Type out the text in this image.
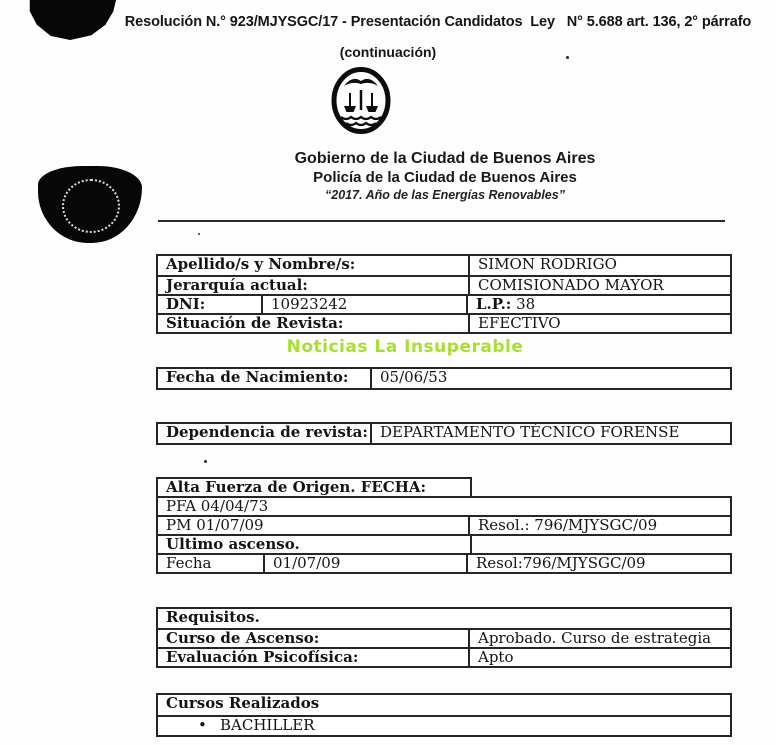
Resolución N.° 923/MJYSGC/17 - Presentación Candidatos  Ley   N° 5.688 art. 136, 2° párrafo
(continuación)
Gobierno de la Ciudad de Buenos Aires
Policía de la Ciudad de Buenos Aires
“2017. Año de las Energías Renovables”
Apellido/s y Nombre/s:	SIMON RODRIGO
Jerarquía actual:	COMISIONADO MAYOR
DNI:	10923242	L.P.: 38
Situación de Revista:	EFECTIVO
Noticias La Insuperable
Fecha de Nacimiento:	05/06/53
Dependencia de revista: DEPARTAMENTO TÉCNICO FORENSE
Alta Fuerza de Origen. FECHA:
PFA 04/04/73
PM 01/07/09	Resol.: 796/MJYSGC/09
Ultimo ascenso.
Fecha	01/07/09	Resol:796/MJYSGC/09
Requisitos.
Curso de Ascenso:	Aprobado. Curso de estrategia
Evaluación Psicofísica:	Apto
Cursos Realizados
• BACHILLER
